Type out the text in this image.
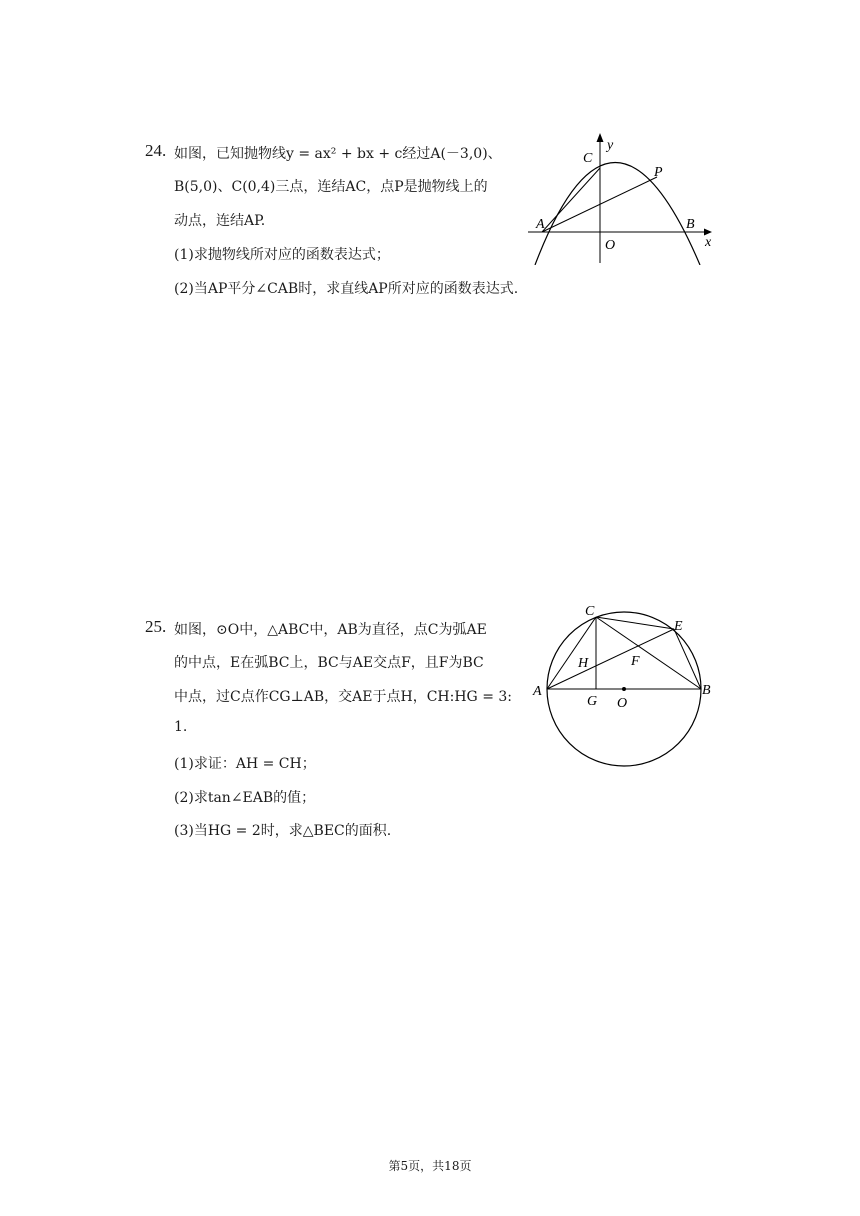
24. 如图，已知抛物线y = ax² + bx + c经过A(－3,0)、
B(5,0)、C(0,4)三点，连结AC，点P是抛物线上的
动点，连结AP.
(1)求抛物线所对应的函数表达式；
(2)当AP平分∠CAB时，求直线AP所对应的函数表达式.
y
C
P
A	B
O	x
25. 如图，⊙O中，△ABC中，AB为直径，点C为弧AE
的中点，E在弧BC上，BC与AE交点F，且F为BC
中点，过C点作CG⊥AB，交AE于点H，CH:HG = 3:
1.
(1)求证：AH = CH；
(2)求tan∠EAB的值；
(3)当HG = 2时，求△BEC的面积.
C
E
H	F
A	B
G O
第5页，共18页
